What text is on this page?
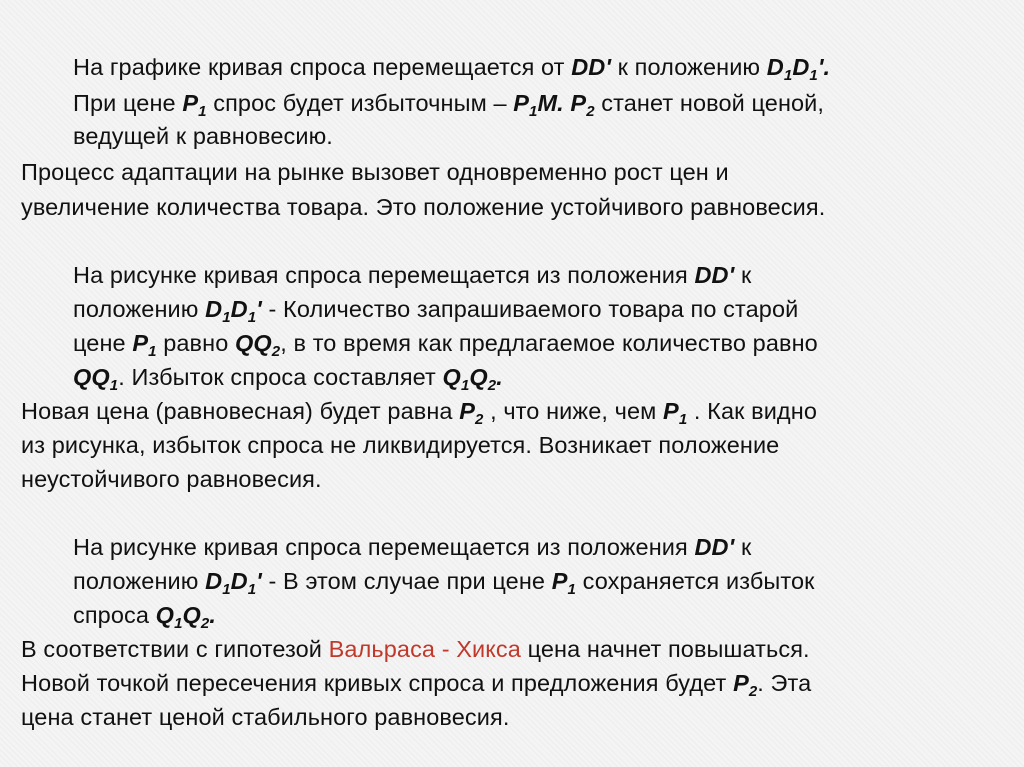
На графике кривая спроса перемещается от DD' к положению $D_1D_1'$.
При цене $P_1$ спрос будет избыточным – $P_1M$. $P_2$ станет новой ценой,
ведущей к равновесию.
Процесс адаптации на рынке вызовет одновременно рост цен и
увеличение количества товара. Это положение устойчивого равновесия.
На рисунке кривая спроса перемещается из положения DD' к
положению $D_1D_1'$ - Количество запрашиваемого товара по старой
цене $P_1$ равно $QQ_2$, в то время как предлагаемое количество равно
$QQ_1$. Избыток спроса составляет $Q_1Q_2$.
Новая цена (равновесная) будет равна $P_2$ , что ниже, чем $P_1$ . Как видно
из рисунка, избыток спроса не ликвидируется. Возникает положение
неустойчивого равновесия.
На рисунке кривая спроса перемещается из положения DD' к
положению $D_1D_1'$ - В этом случае при цене $P_1$ сохраняется избыток
спроса $Q_1Q_2$.
В соответствии с гипотезой Вальраса - Хикса цена начнет повышаться.
Новой точкой пересечения кривых спроса и предложения будет $P_2$. Эта
цена станет ценой стабильного равновесия.
